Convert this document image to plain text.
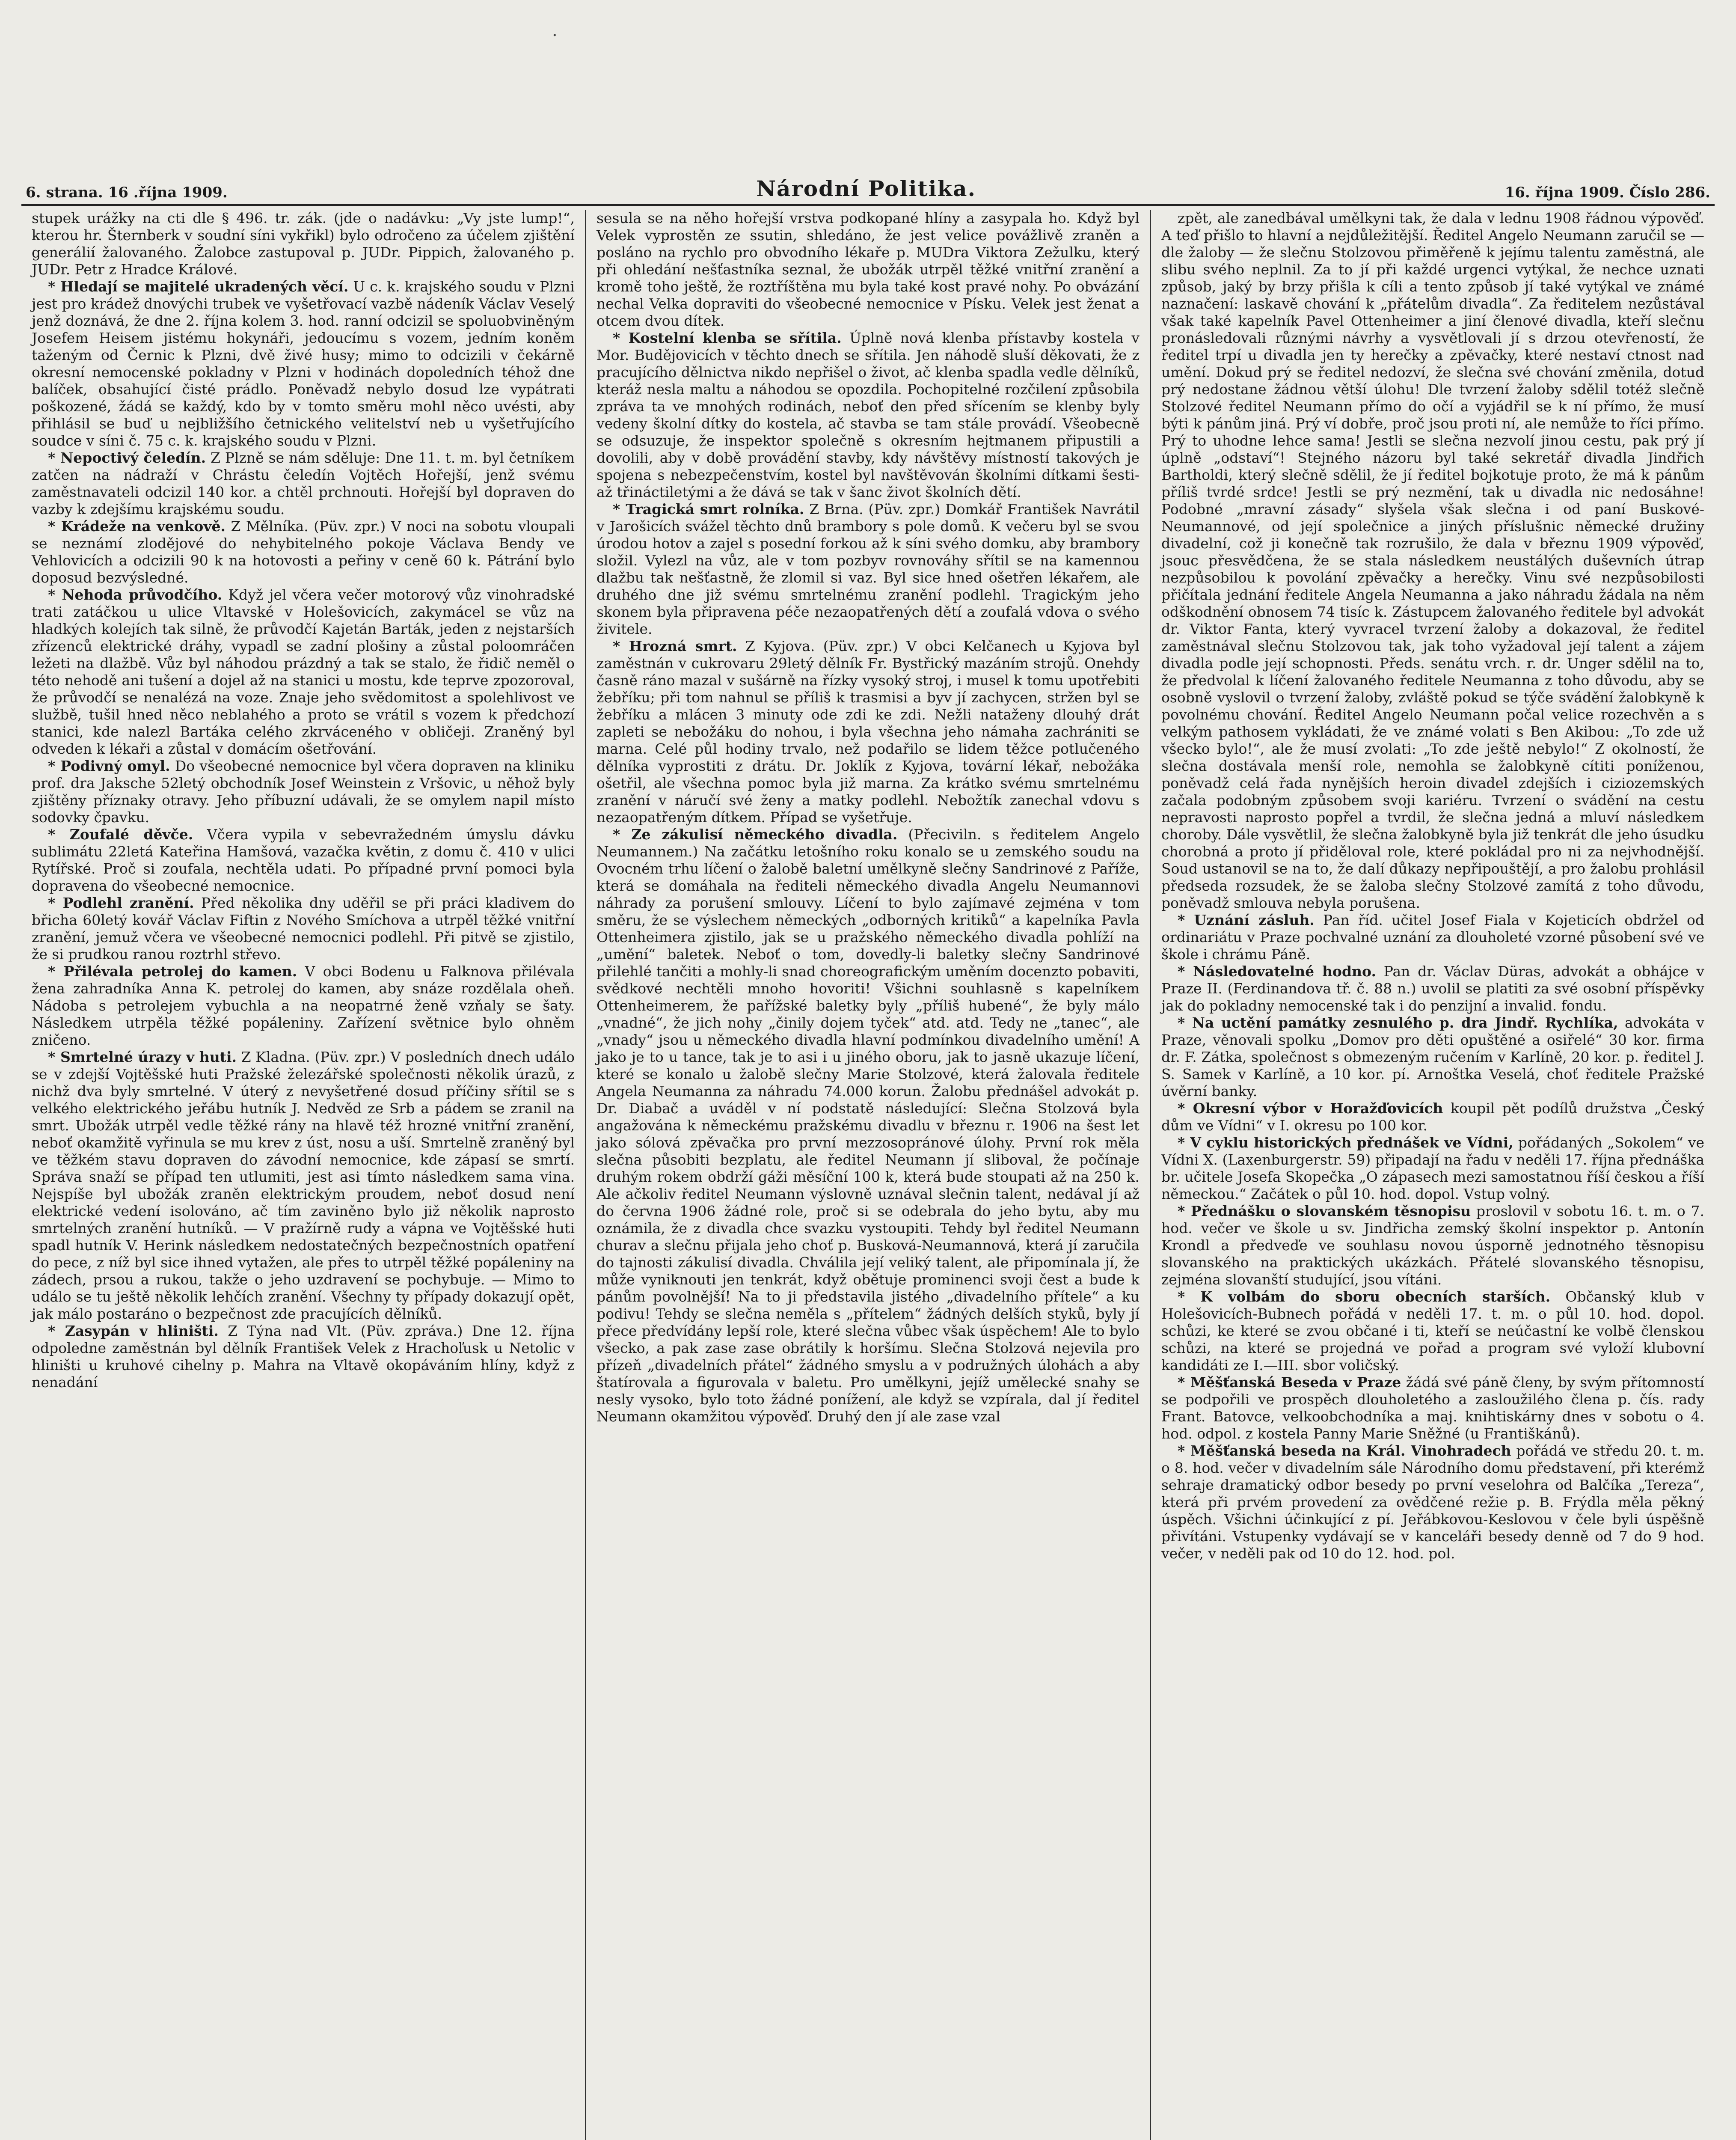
·
6. strana. 16 .října 1909.	Národní Politika.	16. října 1909. Číslo 286.

stupek urážky na cti dle § 496. tr. zák. (jde o nadávku: „Vy jste lump!“, kterou hr. Šternberk v soudní síni vykřikl) bylo odročeno za účelem zjištění generálií žalovaného. Žalobce zastupoval p. JUDr. Pippich, žalovaného p. JUDr. Petr z Hradce Králové.

* Hledají se majitelé ukradených věcí. U c. k. krajského soudu v Plzni jest pro krádež dnovýchi trubek ve vyšetřovací vazbě nádeník Václav Veselý jenž doznává, že dne 2. října kolem 3. hod. ranní odcizil se spoluobviněným Josefem Heisem jistému hokynáři, jedoucímu s vozem, jedním koněm taženým od Černic k Plzni, dvě živé husy; mimo to odcizili v čekárně okresní nemocenské pokladny v Plzni v hodinách dopoledních téhož dne balíček, obsahující čisté prádlo. Poněvadž nebylo dosud lze vypátrati poškozené, žádá se každý, kdo by v tomto směru mohl něco uvésti, aby přihlásil se buď u nejbližšího četnického velitelství neb u vyšetřujícího soudce v síni č. 75 c. k. krajského soudu v Plzni.

* Nepoctivý čeledín. Z Plzně se nám sděluje: Dne 11. t. m. byl četníkem zatčen na nádraží v Chrástu čeledín Vojtěch Hořejší, jenž svému zaměstnavateli odcizil 140 kor. a chtěl prchnouti. Hořejší byl dopraven do vazby k zdejšímu krajskému soudu.

* Krádeže na venkově. Z Mělníka. (Püv. zpr.) V noci na sobotu vloupali se neznámí zlodějové do nehybitelného pokoje Václava Bendy ve Vehlovicích a odcizili 90 k na hotovosti a peřiny v ceně 60 k. Pátrání bylo doposud bezvýsledné.

* Nehoda průvodčího. Když jel včera večer motorový vůz vinohradské trati zatáčkou u ulice Vltavské v Holešovicích, zakymácel se vůz na hladkých kolejích tak silně, že průvodčí Kajetán Barták, jeden z nejstarších zřízenců elektrické dráhy, vypadl se zadní plošiny a zůstal poloomráčen ležeti na dlažbě. Vůz byl náhodou prázdný a tak se stalo, že řidič neměl o této nehodě ani tušení a dojel až na stanici u mostu, kde teprve zpozoroval, že průvodčí se nenalézá na voze. Znaje jeho svědomitost a spolehlivost ve službě, tušil hned něco neblahého a proto se vrátil s vozem k předchozí stanici, kde nalezl Bartáka celého zkrváceného v obličeji. Zraněný byl odveden k lékaři a zůstal v domácím ošetřování.

* Podivný omyl. Do všeobecné nemocnice byl včera dopraven na kliniku prof. dra Jaksche 52letý obchodník Josef Weinstein z Vršovic, u něhož byly zjištěny příznaky otravy. Jeho příbuzní udávali, že se omylem napil místo sodovky čpavku.

* Zoufalé děvče. Včera vypila v sebevražedném úmyslu dávku sublimátu 22letá Kateřina Hamšová, vazačka květin, z domu č. 410 v ulici Rytířské. Proč si zoufala, nechtěla udati. Po případné první pomoci byla dopravena do všeobecné nemocnice.

* Podlehl zranění. Před několika dny uděřil se při práci kladivem do břicha 60letý kovář Václav Fiftin z Nového Smíchova a utrpěl těžké vnitřní zranění, jemuž včera ve všeobecné nemocnici podlehl. Při pitvě se zjistilo, že si prudkou ranou roztrhl střevo.

* Přilévala petrolej do kamen. V obci Bodenu u Falknova přilévala žena zahradníka Anna K. petrolej do kamen, aby snáze rozdělala oheň. Nádoba s petrolejem vybuchla a na neopatrné ženě vzňaly se šaty. Následkem utrpěla těžké popáleniny. Zařízení světnice bylo ohněm zničeno.

* Smrtelné úrazy v huti. Z Kladna. (Püv. zpr.) V posledních dnech událo se v zdejší Vojtěšské huti Pražské železářské společnosti několik úrazů, z nichž dva byly smrtelné. V úterý z nevyšetřené dosud příčiny sřítil se s velkého elektrického jeřábu hutník J. Nedvěd ze Srb a pádem se zranil na smrt. Ubožák utrpěl vedle těžké rány na hlavě též hrozné vnitřní zranění, neboť okamžitě vyřinula se mu krev z úst, nosu a uší. Smrtelně zraněný byl ve těžkém stavu dopraven do závodní nemocnice, kde zápasí se smrtí. Správa snaží se případ ten utlumiti, jest asi tímto následkem sama vina. Nejspíše byl ubožák zraněn elektrickým proudem, neboť dosud není elektrické vedení isolováno, ač tím zaviněno bylo již několik naprosto smrtelných zranění hutníků. — V pražírně rudy a vápna ve Vojtěšské huti spadl hutník V. Herink následkem nedostatečných bezpečnostních opatření do pece, z níž byl sice ihned vytažen, ale přes to utrpěl těžké popáleniny na zádech, prsou a rukou, takže o jeho uzdravení se pochybuje. — Mimo to událo se tu ještě několik lehčích zranění. Všechny ty případy dokazují opět, jak málo postaráno o bezpečnost zde pracujících dělníků.

* Zasypán v hliništi. Z Týna nad Vlt. (Püv. zpráva.) Dne 12. října odpoledne zaměstnán byl dělník František Velek z Hrachoľusk u Netolic v hliništi u kruhové cihelny p. Mahra na Vltavě okopáváním hlíny, když z nenadání

sesula se na něho hořejší vrstva podkopané hlíny a zasypala ho. Když byl Velek vyprostěn ze ssutin, shledáno, že jest velice povážlivě zraněn a posláno na rychlo pro obvodního lékaře p. MUDra Viktora Zežulku, který při ohledání nešťastníka seznal, že ubožák utrpěl těžké vnitřní zranění a kromě toho ještě, že roztříštěna mu byla také kost pravé nohy. Po obvázání nechal Velka dopraviti do všeobecné nemocnice v Písku. Velek jest ženat a otcem dvou dítek.

* Kostelní klenba se sřítila. Úplně nová klenba přístavby kostela v Mor. Budějovicích v těchto dnech se sřítila. Jen náhodě sluší děkovati, že z pracujícího dělnictva nikdo nepřišel o život, ač klenba spadla vedle dělníků, kteráž nesla maltu a náhodou se opozdila. Pochopitelné rozčilení způsobila zpráva ta ve mnohých rodinách, neboť den před sřícením se klenby byly vedeny školní dítky do kostela, ač stavba se tam stále provádí. Všeobecně se odsuzuje, že inspektor společně s okresním hejtmanem připustili a dovolili, aby v době provádění stavby, kdy návštěvy místností takových je spojena s nebezpečenstvím, kostel byl navštěvován školními dítkami šesti- až třináctiletými a že dává se tak v šanc život školních dětí.

* Tragická smrt rolníka. Z Brna. (Püv. zpr.) Domkář František Navrátil v Jarošicích svážel těchto dnů brambory s pole domů. K večeru byl se svou úrodou hotov a zajel s posední forkou až k síni svého domku, aby brambory složil. Vylezl na vůz, ale v tom pozbyv rovnováhy sřítil se na kamennou dlažbu tak nešťastně, že zlomil si vaz. Byl sice hned ošetřen lékařem, ale druhého dne již svému smrtelnému zranění podlehl. Tragickým jeho skonem byla připravena péče nezaopatřených dětí a zoufalá vdova o svého živitele.

* Hrozná smrt. Z Kyjova. (Püv. zpr.) V obci Kelčanech u Kyjova byl zaměstnán v cukrovaru 29letý dělník Fr. Bystřický mazáním strojů. Onehdy časně ráno mazal v sušárně na řízky vysoký stroj, i musel k tomu upotřebiti žebříku; při tom nahnul se příliš k trasmisi a byv jí zachycen, stržen byl se žebříku a mlácen 3 minuty ode zdi ke zdi. Nežli nataženy dlouhý drát zapleti se nebožáku do nohou, i byla všechna jeho námaha zachrániti se marna. Celé půl hodiny trvalo, než podařilo se lidem těžce potlučeného dělníka vyprostiti z drátu. Dr. Joklík z Kyjova, tovární lékař, nebožáka ošetřil, ale všechna pomoc byla již marna. Za krátko svému smrtelnému zranění v náručí své ženy a matky podlehl. Nebožtík zanechal vdovu s nezaopatřeným dítkem. Případ se vyšetřuje.

* Ze zákulisí německého divadla. (Přeciviln. s ředitelem Angelo Neumannem.) Na začátku letošního roku konalo se u zemského soudu na Ovocném trhu líčení o žalobě baletní umělkyně slečny Sandrinové z Paříže, která se domáhala na řediteli německého divadla Angelu Neumannovi náhrady za porušení smlouvy. Líčení to bylo zajímavé zejména v tom směru, že se výslechem německých „odborných kritiků“ a kapelníka Pavla Ottenheimera zjistilo, jak se u pražského německého divadla pohlíží na „umění“ baletek. Neboť o tom, dovedly-li baletky slečny Sandrinové přilehlé tančiti a mohly-li snad choreografickým uměním docenzto pobaviti, svědkové nechtěli mnoho hovoriti! Všichni souhlasně s kapelníkem Ottenheimerem, že pařížské baletky byly „příliš hubené“, že byly málo „vnadné“, že jich nohy „činily dojem tyček“ atd. atd. Tedy ne „tanec“, ale „vnady“ jsou u německého divadla hlavní podmínkou divadelního umění! A jako je to u tance, tak je to asi i u jiného oboru, jak to jasně ukazuje líčení, které se konalo u žalobě slečny Marie Stolzové, která žalovala ředitele Angela Neumanna za náhradu 74.000 korun. Žalobu přednášel advokát p. Dr. Diabač a uváděl v ní podstatě následující: Slečna Stolzová byla angažována k německému pražskému divadlu v březnu r. 1906 na šest let jako sólová zpěvačka pro první mezzosopránové úlohy. První rok měla slečna působiti bezplatu, ale ředitel Neumann jí sliboval, že počínaje druhým rokem obdrží gáži měsíční 100 k, která bude stoupati až na 250 k. Ale ačkoliv ředitel Neumann výslovně uznával slečnin talent, nedával jí až do června 1906 žádné role, proč si se odebrala do jeho bytu, aby mu oznámila, že z divadla chce svazku vystoupiti. Tehdy byl ředitel Neumann churav a slečnu přijala jeho choť p. Busková-Neumannová, která jí zaručila do tajnosti zákulisí divadla. Chválila její veliký talent, ale připomínala jí, že může vyniknouti jen tenkrát, když obětuje prominenci svoji čest a bude k pánům povolnější! Na to ji představila jistého „divadelního přítele“ a ku podivu! Tehdy se slečna neměla s „přítelem“ žádných delších styků, byly jí přece předvídány lepší role, které slečna vůbec však úspěchem! Ale to bylo všecko, a pak zase zase obrátily k horšímu. Slečna Stolzová nejevila pro přízeň „divadelních přátel“ žádného smyslu a v podružných úlohách a aby štatírovala a figurovala v baletu. Pro umělkyni, jejíž umělecké snahy se nesly vysoko, bylo toto žádné ponížení, ale když se vzpírala, dal jí ředitel Neumann okamžitou výpověď. Druhý den jí ale zase vzal

zpět, ale zanedbával umělkyni tak, že dala v lednu 1908 řádnou výpověď. A teď přišlo to hlavní a nejdůležitější. Ředitel Angelo Neumann zaručil se — dle žaloby — že slečnu Stolzovou přiměřeně k jejímu talentu zaměstná, ale slibu svého neplnil. Za to jí při každé urgenci vytýkal, že nechce uznati způsob, jaký by brzy přišla k cíli a tento způsob jí také vytýkal ve známé naznačení: laskavě chování k „přátelům divadla“. Za ředitelem nezůstával však také kapelník Pavel Ottenheimer a jiní členové divadla, kteří slečnu pronásledovali různými návrhy a vysvětlovali jí s drzou otevřeností, že ředitel trpí u divadla jen ty herečky a zpěvačky, které nestaví ctnost nad umění. Dokud prý se ředitel nedozví, že slečna své chování změnila, dotud prý nedostane žádnou větší úlohu! Dle tvrzení žaloby sdělil totéž slečně Stolzové ředitel Neumann přímo do očí a vyjádřil se k ní přímo, že musí býti k pánům jiná. Prý ví dobře, proč jsou proti ní, ale nemůže to říci přímo. Prý to uhodne lehce sama! Jestli se slečna nezvolí jinou cestu, pak prý jí úplně „odstaví“! Stejného názoru byl také sekretář divadla Jindřich Bartholdi, který slečně sdělil, že jí ředitel bojkotuje proto, že má k pánům příliš tvrdé srdce! Jestli se prý nezmění, tak u divadla nic nedosáhne! Podobné „mravní zásady“ slyšela však slečna i od paní Buskové-Neumannové, od její společnice a jiných příslušnic německé družiny divadelní, což ji konečně tak rozrušilo, že dala v březnu 1909 výpověď, jsouc přesvědčena, že se stala následkem neustálých duševních útrap nezpůsobilou k povolání zpěvačky a herečky. Vinu své nezpůsobilosti přičítala jednání ředitele Angela Neumanna a jako náhradu žádala na něm odškodnění obnosem 74 tisíc k. Zástupcem žalovaného ředitele byl advokát dr. Viktor Fanta, který vyvracel tvrzení žaloby a dokazoval, že ředitel zaměstnával slečnu Stolzovou tak, jak toho vyžadoval její talent a zájem divadla podle její schopnosti. Předs. senátu vrch. r. dr. Unger sdělil na to, že předvolal k líčení žalovaného ředitele Neumanna z toho důvodu, aby se osobně vyslovil o tvrzení žaloby, zvláště pokud se týče svádění žalobkyně k povolnému chování. Ředitel Angelo Neumann počal velice rozechvěn a s velkým pathosem vykládati, že ve známé volati s Ben Akibou: „To zde už všecko bylo!“, ale že musí zvolati: „To zde ještě nebylo!“ Z okolností, že slečna dostávala menší role, nemohla se žalobkyně cítiti poníženou, poněvadž celá řada nynějších heroin divadel zdejších i ciziozemských začala podobným způsobem svoji kariéru. Tvrzení o svádění na cestu nepravosti naprosto popřel a tvrdil, že slečna jedná a mluví následkem choroby. Dále vysvětlil, že slečna žalobkyně byla již tenkrát dle jeho úsudku chorobná a proto jí přiděloval role, které pokládal pro ni za nejvhodnější. Soud ustanovil se na to, že dalí důkazy nepřipouštějí, a pro žalobu prohlásil předseda rozsudek, že se žaloba slečny Stolzové zamítá z toho důvodu, poněvadž smlouva nebyla porušena.

* Uznání zásluh. Pan říd. učitel Josef Fiala v Kojeticích obdržel od ordinariátu v Praze pochvalné uznání za dlouholeté vzorné působení své ve škole i chrámu Páně.

* Následovatelné hodno. Pan dr. Václav Düras, advokát a obhájce v Praze II. (Ferdinandova tř. č. 88 n.) uvolil se platiti za své osobní příspěvky jak do pokladny nemocenské tak i do penzijní a invalid. fondu.

* Na uctění památky zesnulého p. dra Jindř. Rychlíka, advokáta v Praze, věnovali spolku „Domov pro děti opuštěné a osiřelé“ 30 kor. firma dr. F. Zátka, společnost s obmezeným ručením v Karlíně, 20 kor. p. ředitel J. S. Samek v Karlíně, a 10 kor. pí. Arnoštka Veselá, choť ředitele Pražské úvěrní banky.

* Okresní výbor v Horažďovicích koupil pět podílů družstva „Český dům ve Vídni“ v I. okresu po 100 kor.

* V cyklu historických přednášek ve Vídni, pořádaných „Sokolem“ ve Vídni X. (Laxenburgerstr. 59) připadají na řadu v neděli 17. října přednáška br. učitele Josefa Skopečka „O zápasech mezi samostatnou říší českou a říší německou.“ Začátek o půl 10. hod. dopol. Vstup volný.

* Přednášku o slovanském těsnopisu proslovil v sobotu 16. t. m. o 7. hod. večer ve škole u sv. Jindřicha zemský školní inspektor p. Antonín Krondl a předveďe ve souhlasu novou úsporně jednotného těsnopisu slovanského na praktických ukázkách. Přátelé slovanského těsnopisu, zejména slovanští studující, jsou vítáni.

* K volbám do sboru obecních starších. Občanský klub v Holešovicích-Bubnech pořádá v neděli 17. t. m. o půl 10. hod. dopol. schůzi, ke které se zvou občané i ti, kteří se neúčastní ke volbě členskou schůzi, na které se projedná ve pořad a program své vyloží klubovní kandidáti ze I.—III. sbor voličský.

* Měšťanská Beseda v Praze žádá své páně členy, by svým přítomností se podpořili ve prospěch dlouholetého a zasloužilého člena p. čís. rady Frant. Batovce, velkoobchodníka a maj. knihtiskárny dnes v sobotu o 4. hod. odpol. z kostela Panny Marie Sněžné (u Františkánů).

* Měšťanská beseda na Král. Vinohradech pořádá ve středu 20. t. m. o 8. hod. večer v divadelním sále Národního domu představení, při kterémž sehraje dramatický odbor besedy po první veselohra od Balčíka „Tereza“, která při prvém provedení za ovědčené režie p. B. Frýdla měla pěkný úspěch. Všichni účinkující z pí. Jeřábkovou-Keslovou v čele byli úspěšně přivítáni. Vstupenky vydávají se v kanceláři besedy denně od 7 do 9 hod. večer, v neděli pak od 10 do 12. hod. pol.
